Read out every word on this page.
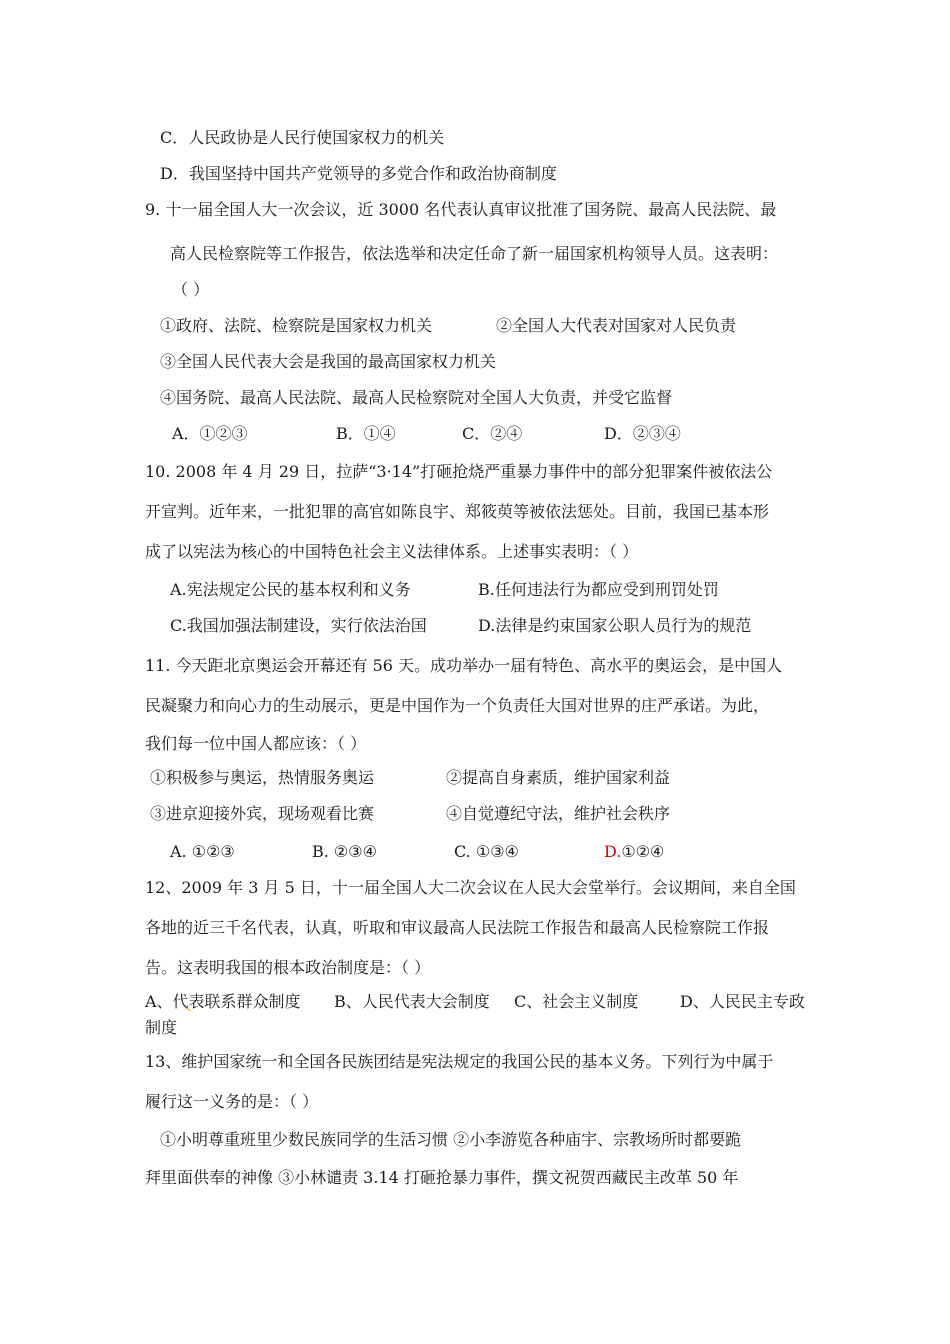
C．人民政协是人民行使国家权力的机关
D．我国坚持中国共产党领导的多党合作和政治协商制度
9. 十一届全国人大一次会议，近 3000 名代表认真审议批准了国务院、最高人民法院、最
高人民检察院等工作报告，依法选举和决定任命了新一届国家机构领导人员。这表明：
（ ）
①政府、法院、检察院是国家权力机关	②全国人大代表对国家对人民负责
③全国人民代表大会是我国的最高国家权力机关
④国务院、最高人民法院、最高人民检察院对全国人大负责，并受它监督
A．①②③	B．①④	C．②④	D．②③④
10. 2008 年 4 月 29 日，拉萨“3·14”打砸抢烧严重暴力事件中的部分犯罪案件被依法公
开宣判。近年来，一批犯罪的高官如陈良宇、郑筱萸等被依法惩处。目前，我国已基本形
成了以宪法为核心的中国特色社会主义法律体系。上述事实表明：（ ）
A.宪法规定公民的基本权利和义务	B.任何违法行为都应受到刑罚处罚
C.我国加强法制建设，实行依法治国	D.法律是约束国家公职人员行为的规范
11. 今天距北京奥运会开幕还有 56 天。成功举办一届有特色、高水平的奥运会，是中国人
民凝聚力和向心力的生动展示，更是中国作为一个负责任大国对世界的庄严承诺。为此，
我们每一位中国人都应该：（ ）
①积极参与奥运，热情服务奥运	②提高自身素质，维护国家利益
③进京迎接外宾，现场观看比赛	④自觉遵纪守法，维护社会秩序
A. ①②③	B. ②③④	C. ①③④	D.①②④
12、2009 年 3 月 5 日，十一届全国人大二次会议在人民大会堂举行。会议期间，来自全国
各地的近三千名代表，认真，听取和审议最高人民法院工作报告和最高人民检察院工作报
告。这表明我国的根本政治制度是：（ ）
A、代表联系群众制度 B、人民代表大会制度 C、社会主义制度	D、人民民主专政
制度
13、维护国家统一和全国各民族团结是宪法规定的我国公民的基本义务。下列行为中属于
履行这一义务的是：（ ）
①小明尊重班里少数民族同学的生活习惯 ②小李游览各种庙宇、宗教场所时都要跪
拜里面供奉的神像 ③小林谴责 3.14 打砸抢暴力事件，撰文祝贺西藏民主改革 50 年
